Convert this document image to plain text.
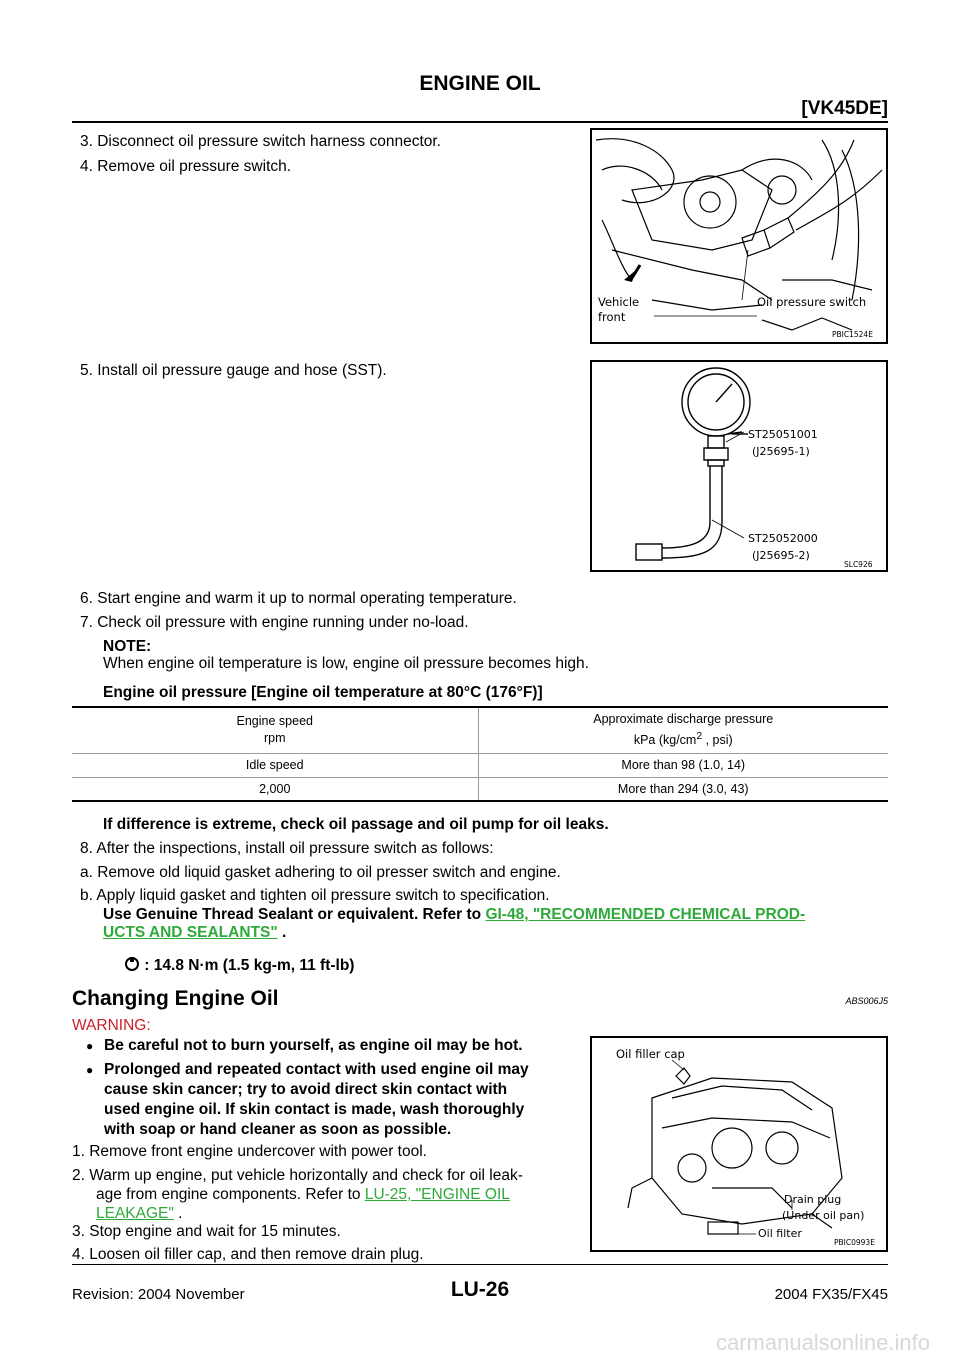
ENGINE OIL
[VK45DE]
3. Disconnect oil pressure switch harness connector.
4. Remove oil pressure switch.
5. Install oil pressure gauge and hose (SST).
Vehicle
front
Oil pressure switch
PBIC1524E
ST25051001
(J25695-1)
ST25052000
(J25695-2)
SLC926
6. Start engine and warm it up to normal operating temperature.
7. Check oil pressure with engine running under no-load.
NOTE:
When engine oil temperature is low, engine oil pressure becomes high.
Engine oil pressure [Engine oil temperature at 80°C (176°F)]
Engine speed
rpm	Approximate discharge pressure
kPa ($kg/cm^2$ , psi)
Idle speed	More than 98 (1.0, 14)
2,000	More than 294 (3.0, 43)
If difference is extreme, check oil passage and oil pump for oil leaks.
8. After the inspections, install oil pressure switch as follows:
a. Remove old liquid gasket adhering to oil presser switch and engine.
b. Apply liquid gasket and tighten oil pressure switch to specification.
Use Genuine Thread Sealant or equivalent. Refer to GI-48, "RECOMMENDED CHEMICAL PROD-
UCTS AND SEALANTS" .
: 14.8 N·m (1.5 kg-m, 11 ft-lb)
Changing Engine Oil	ABS006J5
WARNING:
● Be careful not to burn yourself, as engine oil may be hot.
● Prolonged and repeated contact with used engine oil may
cause skin cancer; try to avoid direct skin contact with
used engine oil. If skin contact is made, wash thoroughly
with soap or hand cleaner as soon as possible.
1. Remove front engine undercover with power tool.
2. Warm up engine, put vehicle horizontally and check for oil leak-
age from engine components. Refer to LU-25, "ENGINE OIL
LEAKAGE" .
3. Stop engine and wait for 15 minutes.
4. Loosen oil filler cap, and then remove drain plug.
Oil filler cap
Drain plug
(Under oil pan)
Oil filter
PBIC0993E
LU-26
Revision: 2004 November	2004 FX35/FX45
carmanualsonline.info
